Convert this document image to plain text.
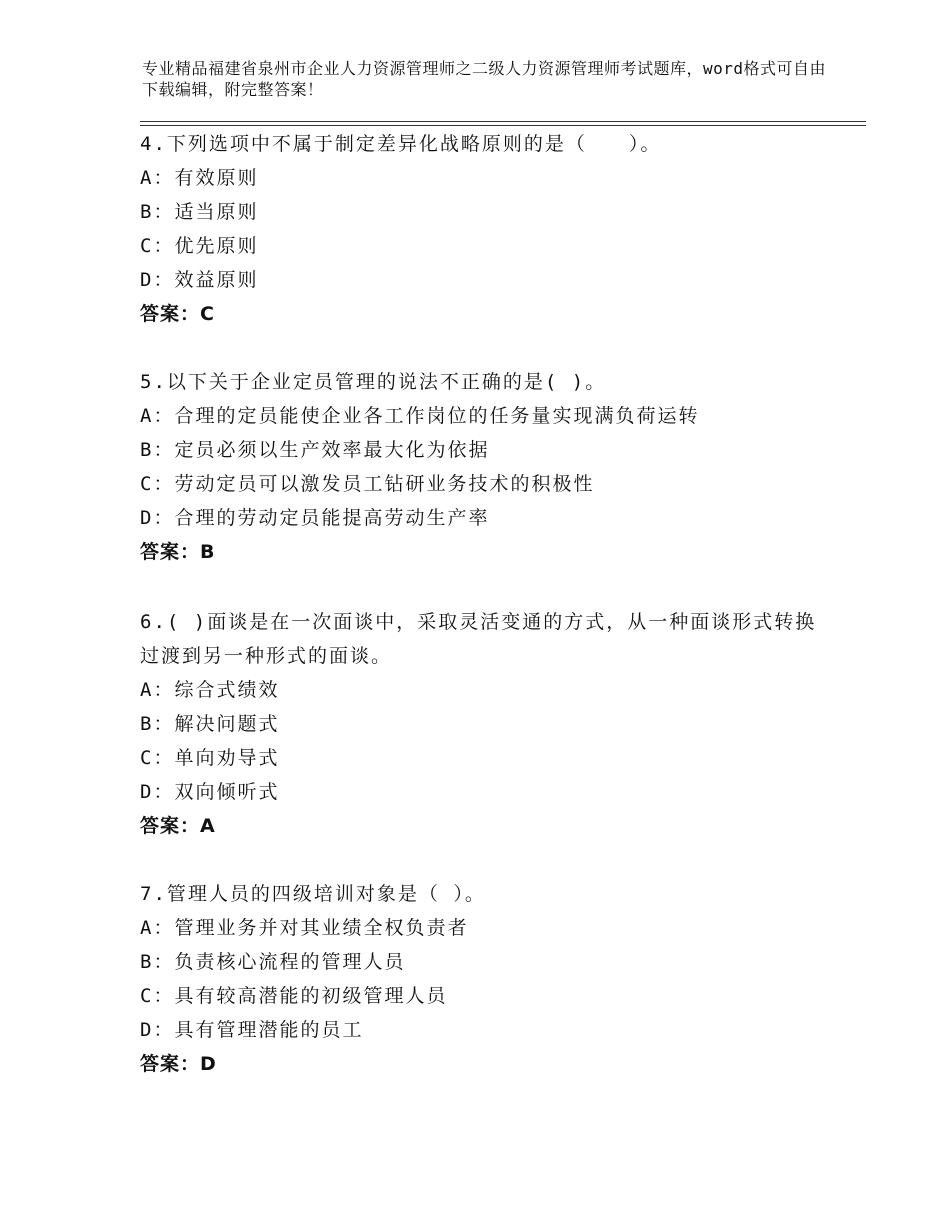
专业精品福建省泉州市企业人力资源管理师之二级人力资源管理师考试题库，word格式可自由下载编辑，附完整答案！

4.下列选项中不属于制定差异化战略原则的是（　　）。

A：有效原则

B：适当原则

C：优先原则

D：效益原则

答案：C

5.以下关于企业定员管理的说法不正确的是( )。

A：合理的定员能使企业各工作岗位的任务量实现满负荷运转

B：定员必须以生产效率最大化为依据

C：劳动定员可以激发员工钻研业务技术的积极性

D：合理的劳动定员能提高劳动生产率

答案：B

6.( )面谈是在一次面谈中，采取灵活变通的方式，从一种面谈形式转换过渡到另一种形式的面谈。

A：综合式绩效

B：解决问题式

C：单向劝导式

D：双向倾听式

答案：A

7.管理人员的四级培训对象是（ ）。

A：管理业务并对其业绩全权负责者

B：负责核心流程的管理人员

C：具有较高潜能的初级管理人员

D：具有管理潜能的员工

答案：D
